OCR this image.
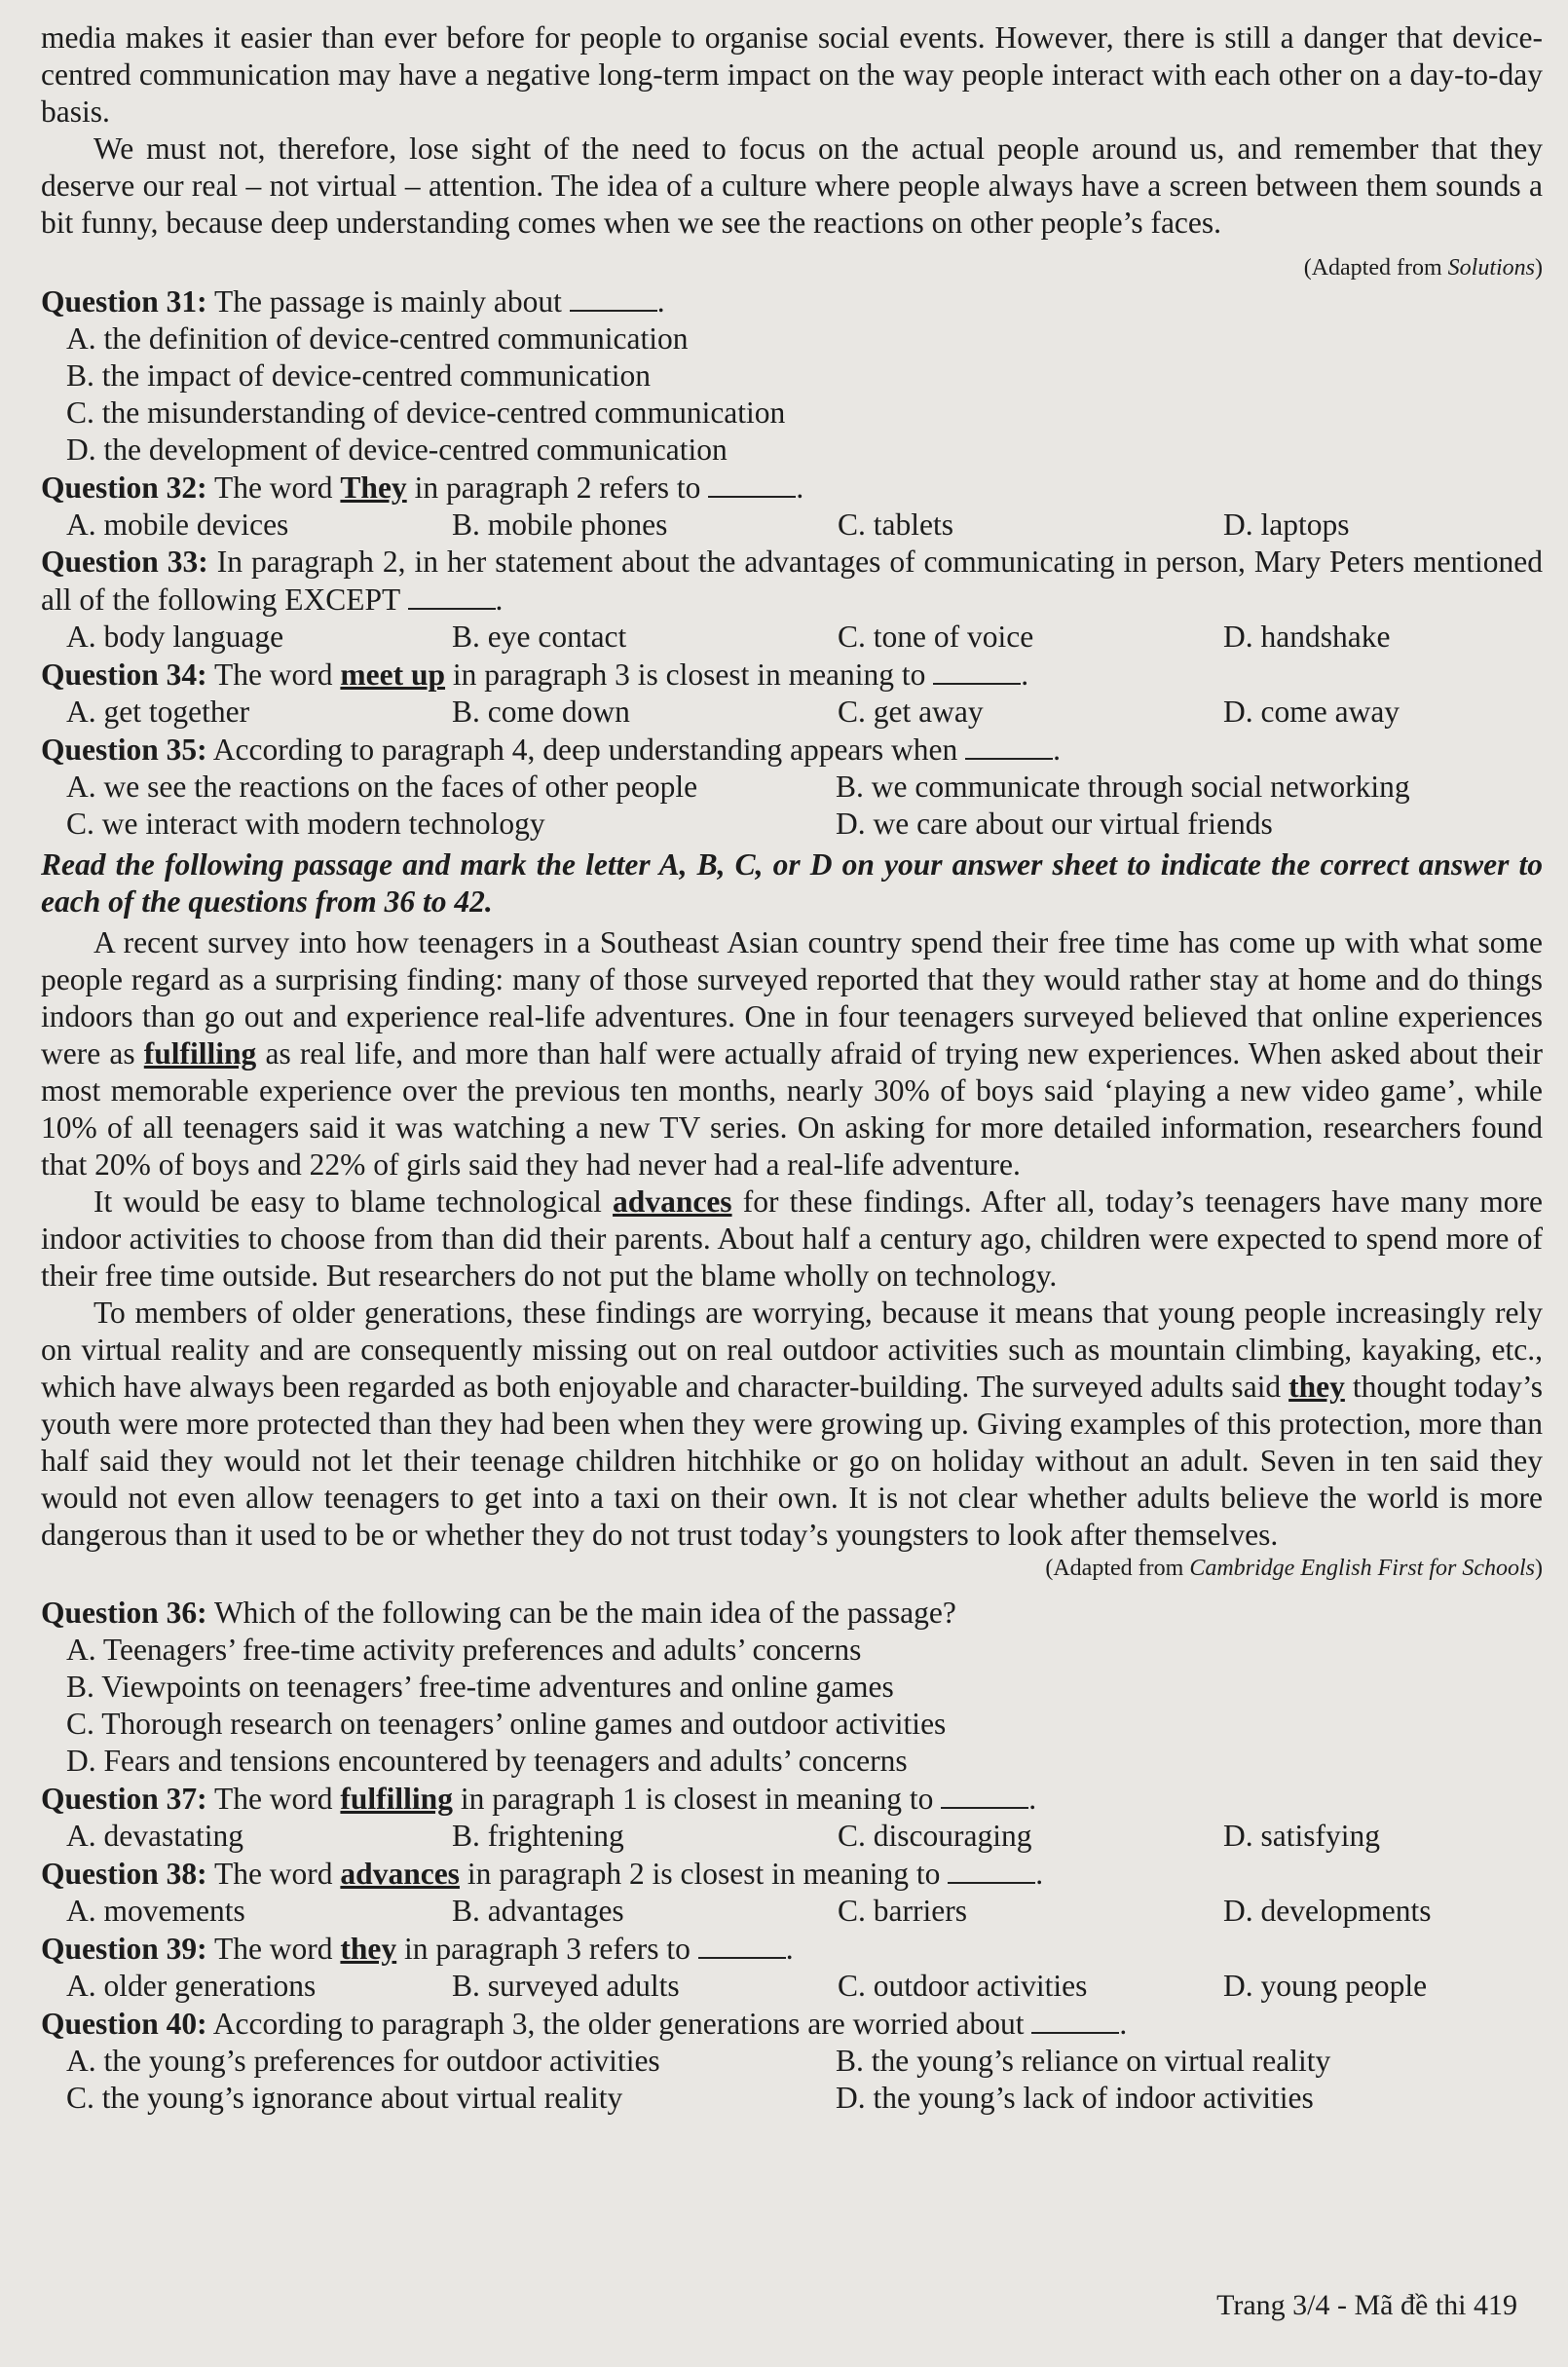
media makes it easier than ever before for people to organise social events. However, there is still a danger that device-centred communication may have a negative long-term impact on the way people interact with each other on a day-to-day basis.

We must not, therefore, lose sight of the need to focus on the actual people around us, and remember that they deserve our real – not virtual – attention. The idea of a culture where people always have a screen between them sounds a bit funny, because deep understanding comes when we see the reactions on other people’s faces.

(Adapted from Solutions)

Question 31: The passage is mainly about	.

A. the definition of device-centred communication
B. the impact of device-centred communication
C. the misunderstanding of device-centred communication
D. the development of device-centred communication

Question 32: The word They in paragraph 2 refers to	.

A. mobile devices	B. mobile phones	C. tablets	D. laptops

Question 33: In paragraph 2, in her statement about the advantages of communicating in person, Mary Peters mentioned all of the following EXCEPT	.

A. body language	B. eye contact	C. tone of voice	D. handshake

Question 34: The word meet up in paragraph 3 is closest in meaning to	.

A. get together	B. come down	C. get away	D. come away

Question 35: According to paragraph 4, deep understanding appears when	.

A. we see the reactions on the faces of other people	B. we communicate through social networking
C. we interact with modern technology	D. we care about our virtual friends

Read the following passage and mark the letter A, B, C, or D on your answer sheet to indicate the correct answer to each of the questions from 36 to 42.

A recent survey into how teenagers in a Southeast Asian country spend their free time has come up with what some people regard as a surprising finding: many of those surveyed reported that they would rather stay at home and do things indoors than go out and experience real-life adventures. One in four teenagers surveyed believed that online experiences were as fulfilling as real life, and more than half were actually afraid of trying new experiences. When asked about their most memorable experience over the previous ten months, nearly 30% of boys said ‘playing a new video game’, while 10% of all teenagers said it was watching a new TV series. On asking for more detailed information, researchers found that 20% of boys and 22% of girls said they had never had a real-life adventure.

It would be easy to blame technological advances for these findings. After all, today’s teenagers have many more indoor activities to choose from than did their parents. About half a century ago, children were expected to spend more of their free time outside. But researchers do not put the blame wholly on technology.

To members of older generations, these findings are worrying, because it means that young people increasingly rely on virtual reality and are consequently missing out on real outdoor activities such as mountain climbing, kayaking, etc., which have always been regarded as both enjoyable and character-building. The surveyed adults said they thought today’s youth were more protected than they had been when they were growing up. Giving examples of this protection, more than half said they would not let their teenage children hitchhike or go on holiday without an adult. Seven in ten said they would not even allow teenagers to get into a taxi on their own. It is not clear whether adults believe the world is more dangerous than it used to be or whether they do not trust today’s youngsters to look after themselves.

(Adapted from Cambridge English First for Schools)

Question 36: Which of the following can be the main idea of the passage?

A. Teenagers’ free-time activity preferences and adults’ concerns
B. Viewpoints on teenagers’ free-time adventures and online games
C. Thorough research on teenagers’ online games and outdoor activities
D. Fears and tensions encountered by teenagers and adults’ concerns

Question 37: The word fulfilling in paragraph 1 is closest in meaning to	.

A. devastating	B. frightening	C. discouraging	D. satisfying

Question 38: The word advances in paragraph 2 is closest in meaning to	.

A. movements	B. advantages	C. barriers	D. developments

Question 39: The word they in paragraph 3 refers to	.

A. older generations	B. surveyed adults	C. outdoor activities	D. young people

Question 40: According to paragraph 3, the older generations are worried about	.

A. the young’s preferences for outdoor activities	B. the young’s reliance on virtual reality
C. the young’s ignorance about virtual reality	D. the young’s lack of indoor activities
Trang 3/4 - Mã đề thi 419
